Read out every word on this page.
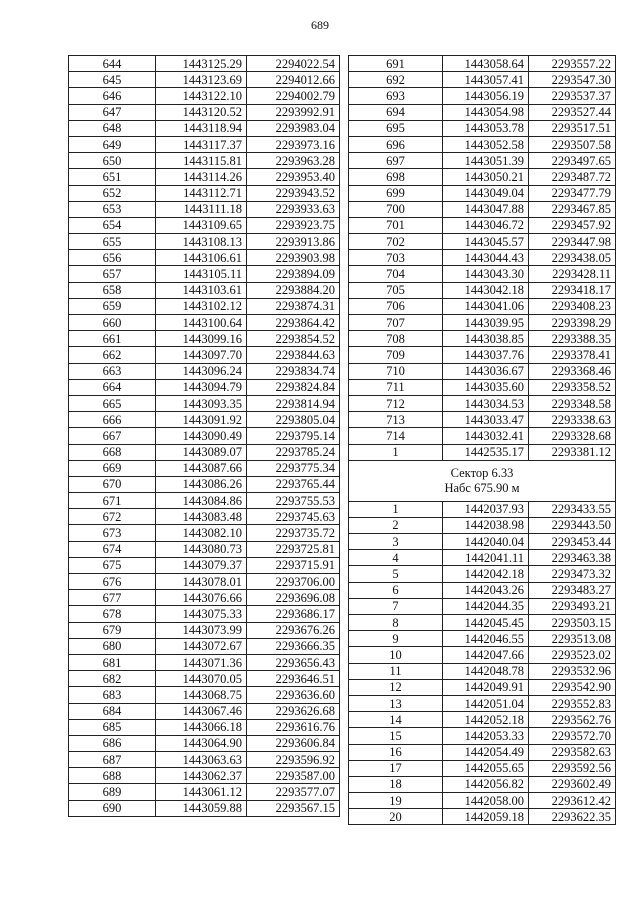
689
644	1443125.29	2294022.54
645	1443123.69	2294012.66
646	1443122.10	2294002.79
647	1443120.52	2293992.91
648	1443118.94	2293983.04
649	1443117.37	2293973.16
650	1443115.81	2293963.28
651	1443114.26	2293953.40
652	1443112.71	2293943.52
653	1443111.18	2293933.63
654	1443109.65	2293923.75
655	1443108.13	2293913.86
656	1443106.61	2293903.98
657	1443105.11	2293894.09
658	1443103.61	2293884.20
659	1443102.12	2293874.31
660	1443100.64	2293864.42
661	1443099.16	2293854.52
662	1443097.70	2293844.63
663	1443096.24	2293834.74
664	1443094.79	2293824.84
665	1443093.35	2293814.94
666	1443091.92	2293805.04
667	1443090.49	2293795.14
668	1443089.07	2293785.24
669	1443087.66	2293775.34
670	1443086.26	2293765.44
671	1443084.86	2293755.53
672	1443083.48	2293745.63
673	1443082.10	2293735.72
674	1443080.73	2293725.81
675	1443079.37	2293715.91
676	1443078.01	2293706.00
677	1443076.66	2293696.08
678	1443075.33	2293686.17
679	1443073.99	2293676.26
680	1443072.67	2293666.35
681	1443071.36	2293656.43
682	1443070.05	2293646.51
683	1443068.75	2293636.60
684	1443067.46	2293626.68
685	1443066.18	2293616.76
686	1443064.90	2293606.84
687	1443063.63	2293596.92
688	1443062.37	2293587.00
689	1443061.12	2293577.07
690	1443059.88	2293567.15
691	1443058.64	2293557.22
692	1443057.41	2293547.30
693	1443056.19	2293537.37
694	1443054.98	2293527.44
695	1443053.78	2293517.51
696	1443052.58	2293507.58
697	1443051.39	2293497.65
698	1443050.21	2293487.72
699	1443049.04	2293477.79
700	1443047.88	2293467.85
701	1443046.72	2293457.92
702	1443045.57	2293447.98
703	1443044.43	2293438.05
704	1443043.30	2293428.11
705	1443042.18	2293418.17
706	1443041.06	2293408.23
707	1443039.95	2293398.29
708	1443038.85	2293388.35
709	1443037.76	2293378.41
710	1443036.67	2293368.46
711	1443035.60	2293358.52
712	1443034.53	2293348.58
713	1443033.47	2293338.63
714	1443032.41	2293328.68
1	1442535.17	2293381.12

Сектор 6.33
Набс 675.90 м		

1	1442037.93	2293433.55
2	1442038.98	2293443.50
3	1442040.04	2293453.44
4	1442041.11	2293463.38
5	1442042.18	2293473.32
6	1442043.26	2293483.27
7	1442044.35	2293493.21
8	1442045.45	2293503.15
9	1442046.55	2293513.08
10	1442047.66	2293523.02
11	1442048.78	2293532.96
12	1442049.91	2293542.90
13	1442051.04	2293552.83
14	1442052.18	2293562.76
15	1442053.33	2293572.70
16	1442054.49	2293582.63
17	1442055.65	2293592.56
18	1442056.82	2293602.49
19	1442058.00	2293612.42
20	1442059.18	2293622.35
